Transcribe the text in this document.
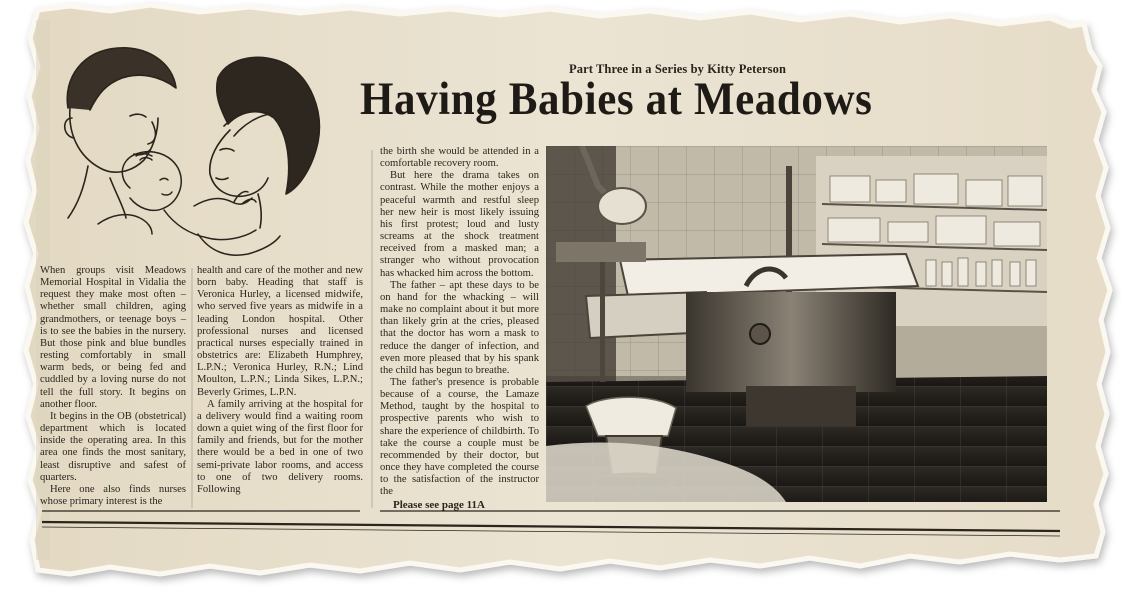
Part Three in a Series by Kitty Peterson
Having Babies at Meadows

When groups visit Meadows Memorial Hospital in Vidalia the request they make most often – whether small children, aging grandmothers, or teenage boys – is to see the babies in the nursery. But those pink and blue bundles resting comfortably in small warm beds, or being fed and cuddled by a loving nurse do not tell the full story. It begins on another floor.

It begins in the OB (obstetrical) department which is located inside the operating area. In this area one finds the most sanitary, least disruptive and safest of quarters.

Here one also finds nurses whose primary interest is the

health and care of the mother and new born baby. Heading that staff is Veronica Hurley, a licensed midwife, who served five years as midwife in a leading London hospital. Other professional nurses and licensed practical nurses especially trained in obstetrics are: Elizabeth Humphrey, L.P.N.; Veronica Hurley, R.N.; Lind Moulton, L.P.N.; Linda Sikes, L.P.N.; Beverly Grimes, L.P.N.

A family arriving at the hospital for a delivery would find a waiting room down a quiet wing of the first floor for family and friends, but for the mother there would be a bed in one of two semi-private labor rooms, and access to one of two delivery rooms. Following

the birth she would be attended in a comfortable recovery room.

But here the drama takes on contrast. While the mother enjoys a peaceful warmth and restful sleep her new heir is most likely issuing his first protest; loud and lusty screams at the shock treatment received from a masked man; a stranger who without provocation has whacked him across the bottom.

The father – apt these days to be on hand for the whacking – will make no complaint about it but more than likely grin at the cries, pleased that the doctor has worn a mask to reduce the danger of infection, and even more pleased that by his spank the child has begun to breathe.

The father's presence is probable because of a course, the Lamaze Method, taught by the hospital to prospective parents who wish to share the experience of childbirth. To take the course a couple must be recommended by their doctor, but once they have completed the course to the satisfaction of the instructor the

Please see page 11A
